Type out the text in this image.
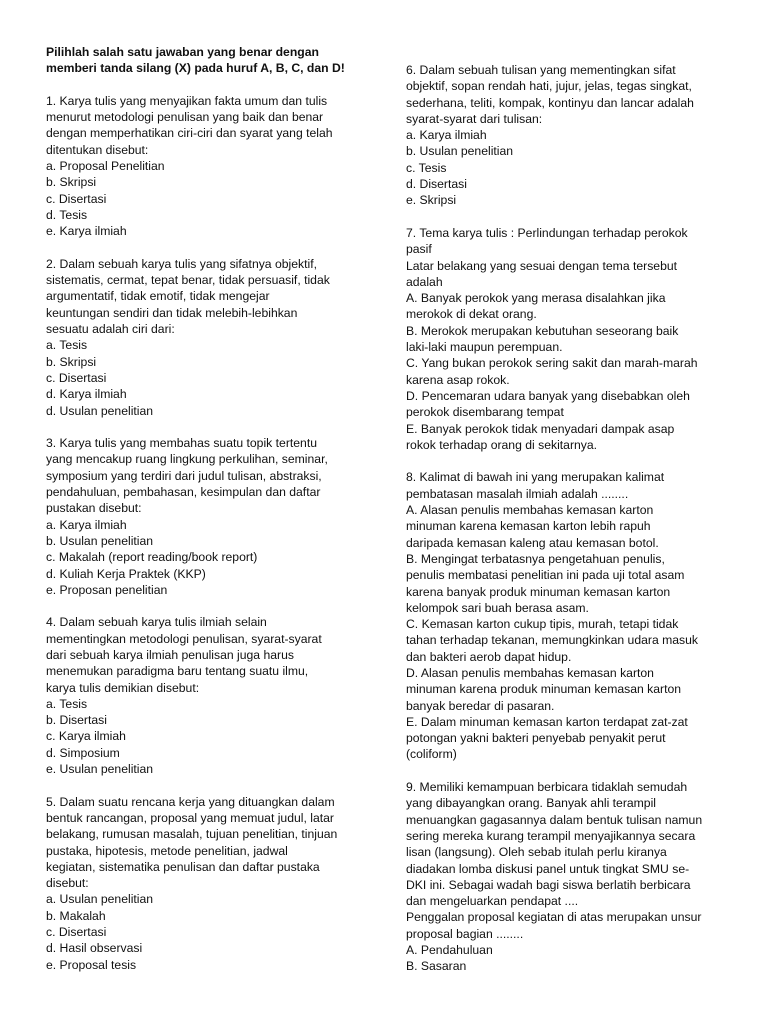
Pilihlah salah satu jawaban yang benar dengan
memberi tanda silang (X) pada huruf A, B, C, dan D!
1. Karya tulis yang menyajikan fakta umum dan tulis
menurut metodologi penulisan yang baik dan benar
dengan memperhatikan ciri-ciri dan syarat yang telah
ditentukan disebut:
a. Proposal Penelitian
b. Skripsi
c. Disertasi
d. Tesis
e. Karya ilmiah
2. Dalam sebuah karya tulis yang sifatnya objektif,
sistematis, cermat, tepat benar, tidak persuasif, tidak
argumentatif, tidak emotif, tidak mengejar
keuntungan sendiri dan tidak melebih-lebihkan
sesuatu adalah ciri dari:
a. Tesis
b. Skripsi
c. Disertasi
d. Karya ilmiah
d. Usulan penelitian
3. Karya tulis yang membahas suatu topik tertentu
yang mencakup ruang lingkung perkulihan, seminar,
symposium yang terdiri dari judul tulisan, abstraksi,
pendahuluan, pembahasan, kesimpulan dan daftar
pustakan disebut:
a. Karya ilmiah
b. Usulan penelitian
c. Makalah (report reading/book report)
d. Kuliah Kerja Praktek (KKP)
e. Proposan penelitian
4. Dalam sebuah karya tulis ilmiah selain
mementingkan metodologi penulisan, syarat-syarat
dari sebuah karya ilmiah penulisan juga harus
menemukan paradigma baru tentang suatu ilmu,
karya tulis demikian disebut:
a. Tesis
b. Disertasi
c. Karya ilmiah
d. Simposium
e. Usulan penelitian
5. Dalam suatu rencana kerja yang dituangkan dalam
bentuk rancangan, proposal yang memuat judul, latar
belakang, rumusan masalah, tujuan penelitian, tinjuan
pustaka, hipotesis, metode penelitian, jadwal
kegiatan, sistematika penulisan dan daftar pustaka
disebut:
a. Usulan penelitian
b. Makalah
c. Disertasi
d. Hasil observasi
e. Proposal tesis
6. Dalam sebuah tulisan yang mementingkan sifat
objektif, sopan rendah hati, jujur, jelas, tegas singkat,
sederhana, teliti, kompak, kontinyu dan lancar adalah
syarat-syarat dari tulisan:
a. Karya ilmiah
b. Usulan penelitian
c. Tesis
d. Disertasi
e. Skripsi
7. Tema karya tulis : Perlindungan terhadap perokok
pasif
Latar belakang yang sesuai dengan tema tersebut
adalah
A. Banyak perokok yang merasa disalahkan jika
merokok di dekat orang.
B. Merokok merupakan kebutuhan seseorang baik
laki-laki maupun perempuan.
C. Yang bukan perokok sering sakit dan marah-marah
karena asap rokok.
D. Pencemaran udara banyak yang disebabkan oleh
perokok disembarang tempat
E. Banyak perokok tidak menyadari dampak asap
rokok terhadap orang di sekitarnya.
8. Kalimat di bawah ini yang merupakan kalimat
pembatasan masalah ilmiah adalah ........
A. Alasan penulis membahas kemasan karton
minuman karena kemasan karton lebih rapuh
daripada kemasan kaleng atau kemasan botol.
B. Mengingat terbatasnya pengetahuan penulis,
penulis membatasi penelitian ini pada uji total asam
karena banyak produk minuman kemasan karton
kelompok sari buah berasa asam.
C. Kemasan karton cukup tipis, murah, tetapi tidak
tahan terhadap tekanan, memungkinkan udara masuk
dan bakteri aerob dapat hidup.
D. Alasan penulis membahas kemasan karton
minuman karena produk minuman kemasan karton
banyak beredar di pasaran.
E. Dalam minuman kemasan karton terdapat zat-zat
potongan yakni bakteri penyebab penyakit perut
(coliform)
9. Memiliki kemampuan berbicara tidaklah semudah
yang dibayangkan orang. Banyak ahli terampil
menuangkan gagasannya dalam bentuk tulisan namun
sering mereka kurang terampil menyajikannya secara
lisan (langsung). Oleh sebab itulah perlu kiranya
diadakan lomba diskusi panel untuk tingkat SMU se-
DKI ini. Sebagai wadah bagi siswa berlatih berbicara
dan mengeluarkan pendapat ....
Penggalan proposal kegiatan di atas merupakan unsur
proposal bagian ........
A. Pendahuluan
B. Sasaran
